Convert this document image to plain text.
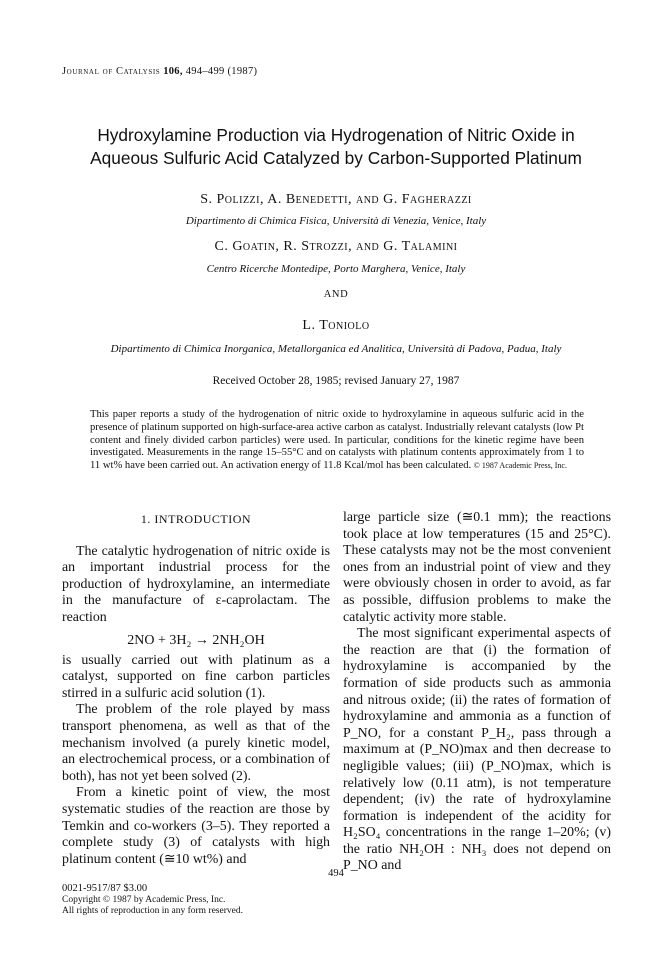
Journal of Catalysis 106, 494–499 (1987)
Hydroxylamine Production via Hydrogenation of Nitric Oxide in
Aqueous Sulfuric Acid Catalyzed by Carbon-Supported Platinum
S. Polizzi, A. Benedetti, and G. Fagherazzi
Dipartimento di Chimica Fisica, Università di Venezia, Venice, Italy
C. Goatin, R. Strozzi, and G. Talamini
Centro Ricerche Montedipe, Porto Marghera, Venice, Italy
AND
L. Toniolo
Dipartimento di Chimica Inorganica, Metallorganica ed Analitica, Università di Padova, Padua, Italy
Received October 28, 1985; revised January 27, 1987
This paper reports a study of the hydrogenation of nitric oxide to hydroxylamine in aqueous sulfuric acid in the presence of platinum supported on high-surface-area active carbon as catalyst. Industrially relevant catalysts (low Pt content and finely divided carbon particles) were used. In particular, conditions for the kinetic regime have been investigated. Measurements in the range 15–55°C and on catalysts with platinum contents approximately from 1 to 11 wt% have been carried out. An activation energy of 11.8 Kcal/mol has been calculated. © 1987 Academic Press, Inc.
1. INTRODUCTION

The catalytic hydrogenation of nitric oxide is an important industrial process for the production of hydroxylamine, an intermediate in the manufacture of ε-caprolactam. The reaction

2NO + 3H₂ → 2NH₂OH

is usually carried out with platinum as a catalyst, supported on fine carbon particles stirred in a sulfuric acid solution (1).

The problem of the role played by mass transport phenomena, as well as that of the mechanism involved (a purely kinetic model, an electrochemical process, or a combination of both), has not yet been solved (2).

From a kinetic point of view, the most systematic studies of the reaction are those by Temkin and co-workers (3–5). They reported a complete study (3) of catalysts with high platinum content (≅10 wt%) and

large particle size (≅0.1 mm); the reactions took place at low temperatures (15 and 25°C). These catalysts may not be the most convenient ones from an industrial point of view and they were obviously chosen in order to avoid, as far as possible, diffusion problems to make the catalytic activity more stable.

The most significant experimental aspects of the reaction are that (i) the formation of hydroxylamine is accompanied by the formation of side products such as ammonia and nitrous oxide; (ii) the rates of formation of hydroxylamine and ammonia as a function of P_NO, for a constant P_H₂, pass through a maximum at (P_NO)max and then decrease to negligible values; (iii) (P_NO)max, which is relatively low (0.11 atm), is not temperature dependent; (iv) the rate of hydroxylamine formation is independent of the acidity for H₂SO₄ concentrations in the range 1–20%; (v) the ratio NH₂OH : NH₃ does not depend on P_NO and

494
0021-9517/87 $3.00
Copyright © 1987 by Academic Press, Inc.
All rights of reproduction in any form reserved.
